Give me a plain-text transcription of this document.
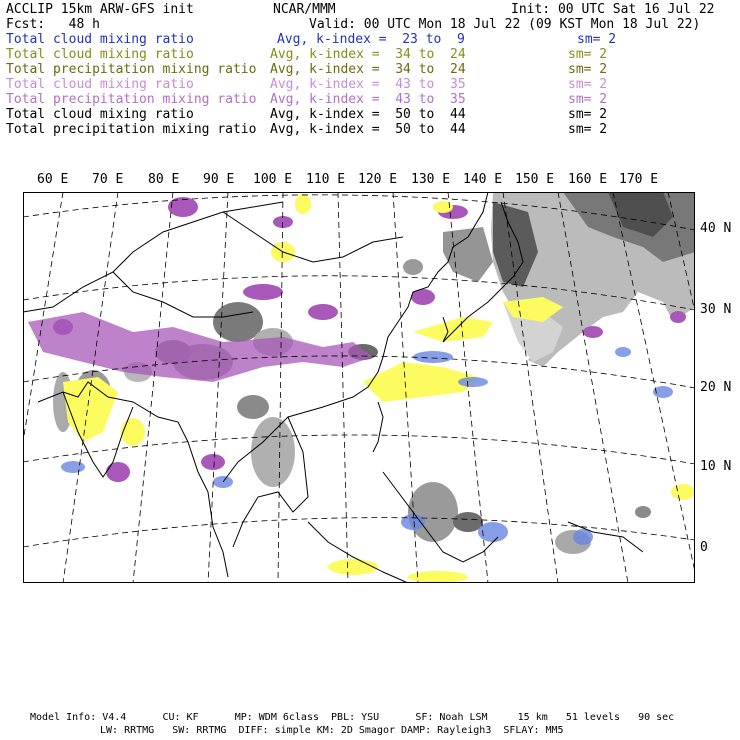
ACCLIP 15km ARW-GFS init	NCAR/MMM	Init: 00 UTC Sat 16 Jul 22
Fcst:   48 h	Valid: 00 UTC Mon 18 Jul 22 (09 KST Mon 18 Jul 22)
Total cloud mixing ratio	Avg, k-index =  23 to  9	sm= 2
Total cloud mixing ratio	Avg, k-index =  34 to  24	sm= 2
Total precipitation mixing ratio Avg, k-index =  34 to  24	sm= 2
Total cloud mixing ratio	Avg, k-index =  43 to  35	sm= 2
Total precipitation mixing ratio Avg, k-index =  43 to  35	sm= 2
Total cloud mixing ratio	Avg, k-index =  50 to  44	sm= 2
Total precipitation mixing ratio Avg, k-index =  50 to  44	sm= 2
60 E 70 E 80 E 90 E 100 E 110 E 120 E 130 E 140 E 150 E 160 E 170 E
40 N
30 N
20 N
10 N
0
Model Info: V4.4      CU: KF      MP: WDM 6class  PBL: YSU      SF: Noah LSM     15 km   51 levels   90 sec
LW: RRTMG   SW: RRTMG  DIFF: simple KM: 2D Smagor DAMP: Rayleigh3  SFLAY: MM5
